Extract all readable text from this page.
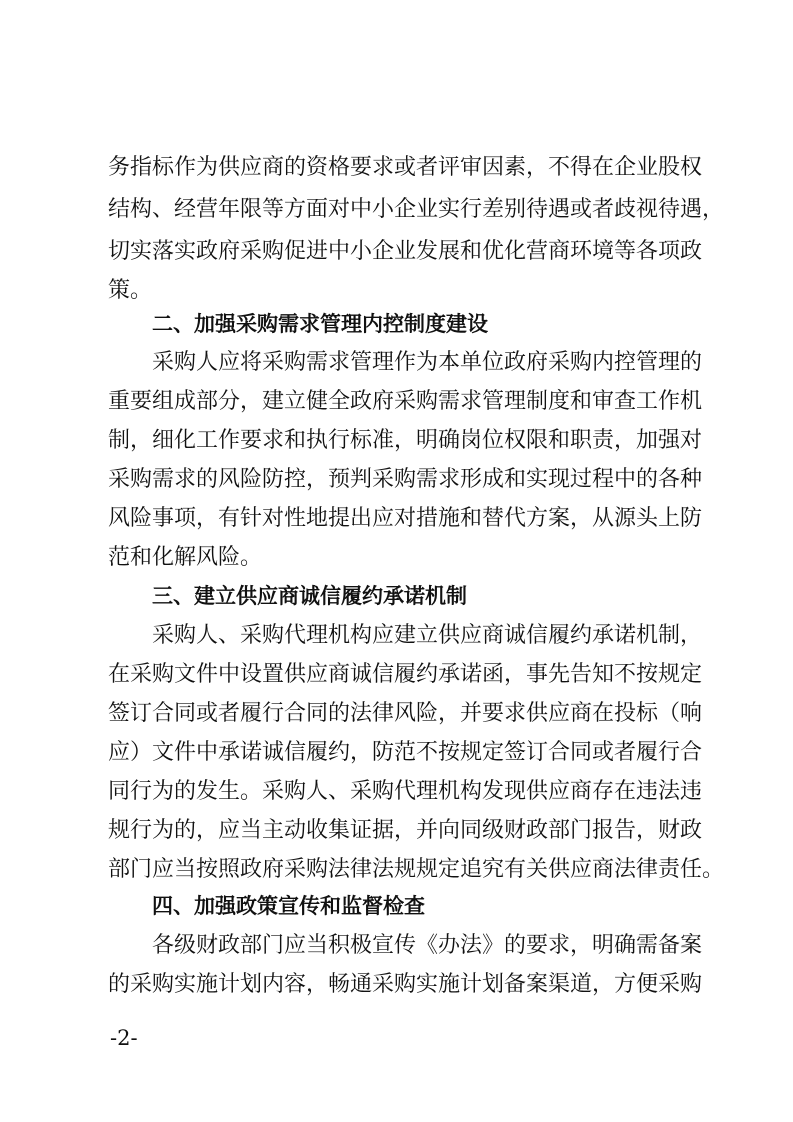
务指标作为供应商的资格要求或者评审因素，不得在企业股权
结构、经营年限等方面对中小企业实行差别待遇或者歧视待遇，
切实落实政府采购促进中小企业发展和优化营商环境等各项政
策。
二、加强采购需求管理内控制度建设
采购人应将采购需求管理作为本单位政府采购内控管理的
重要组成部分，建立健全政府采购需求管理制度和审查工作机
制，细化工作要求和执行标准，明确岗位权限和职责，加强对
采购需求的风险防控，预判采购需求形成和实现过程中的各种
风险事项，有针对性地提出应对措施和替代方案，从源头上防
范和化解风险。
三、建立供应商诚信履约承诺机制
采购人、采购代理机构应建立供应商诚信履约承诺机制，
在采购文件中设置供应商诚信履约承诺函，事先告知不按规定
签订合同或者履行合同的法律风险，并要求供应商在投标（响
应）文件中承诺诚信履约，防范不按规定签订合同或者履行合
同行为的发生。采购人、采购代理机构发现供应商存在违法违
规行为的，应当主动收集证据，并向同级财政部门报告，财政
部门应当按照政府采购法律法规规定追究有关供应商法律责任。
四、加强政策宣传和监督检查
各级财政部门应当积极宣传《办法》的要求，明确需备案
的采购实施计划内容，畅通采购实施计划备案渠道，方便采购
-2-
